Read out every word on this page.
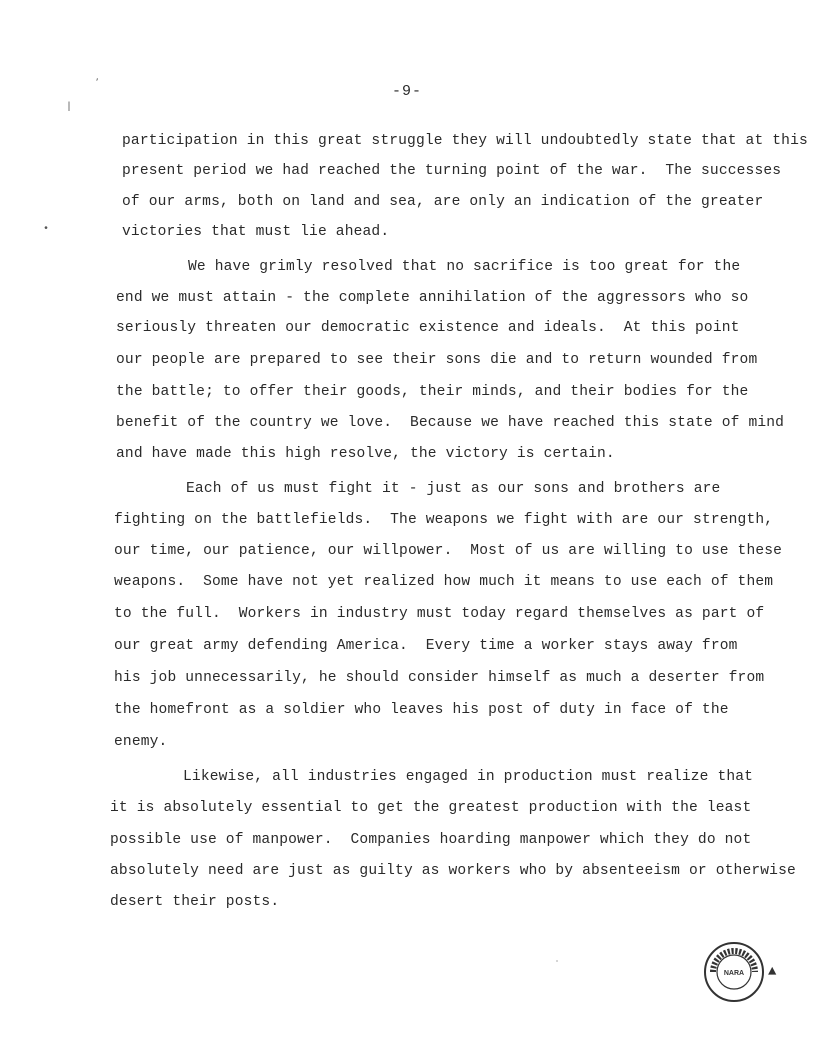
-9-
participation in this great struggle they will undoubtedly state that at this
present period we had reached the turning point of the war.  The successes
of our arms, both on land and sea, are only an indication of the greater
victories that must lie ahead.
We have grimly resolved that no sacrifice is too great for the
end we must attain - the complete annihilation of the aggressors who so
seriously threaten our democratic existence and ideals.  At this point
our people are prepared to see their sons die and to return wounded from
the battle; to offer their goods, their minds, and their bodies for the
benefit of the country we love.  Because we have reached this state of mind
and have made this high resolve, the victory is certain.
Each of us must fight it - just as our sons and brothers are
fighting on the battlefields.  The weapons we fight with are our strength,
our time, our patience, our willpower.  Most of us are willing to use these
weapons.  Some have not yet realized how much it means to use each of them
to the full.  Workers in industry must today regard themselves as part of
our great army defending America.  Every time a worker stays away from
his job unnecessarily, he should consider himself as much a deserter from
the homefront as a soldier who leaves his post of duty in face of the
enemy.
Likewise, all industries engaged in production must realize that
it is absolutely essential to get the greatest production with the least
possible use of manpower.  Companies hoarding manpower which they do not
absolutely need are just as guilty as workers who by absenteeism or otherwise
desert their posts.
⸴
|
•
˙
NARA ▲
